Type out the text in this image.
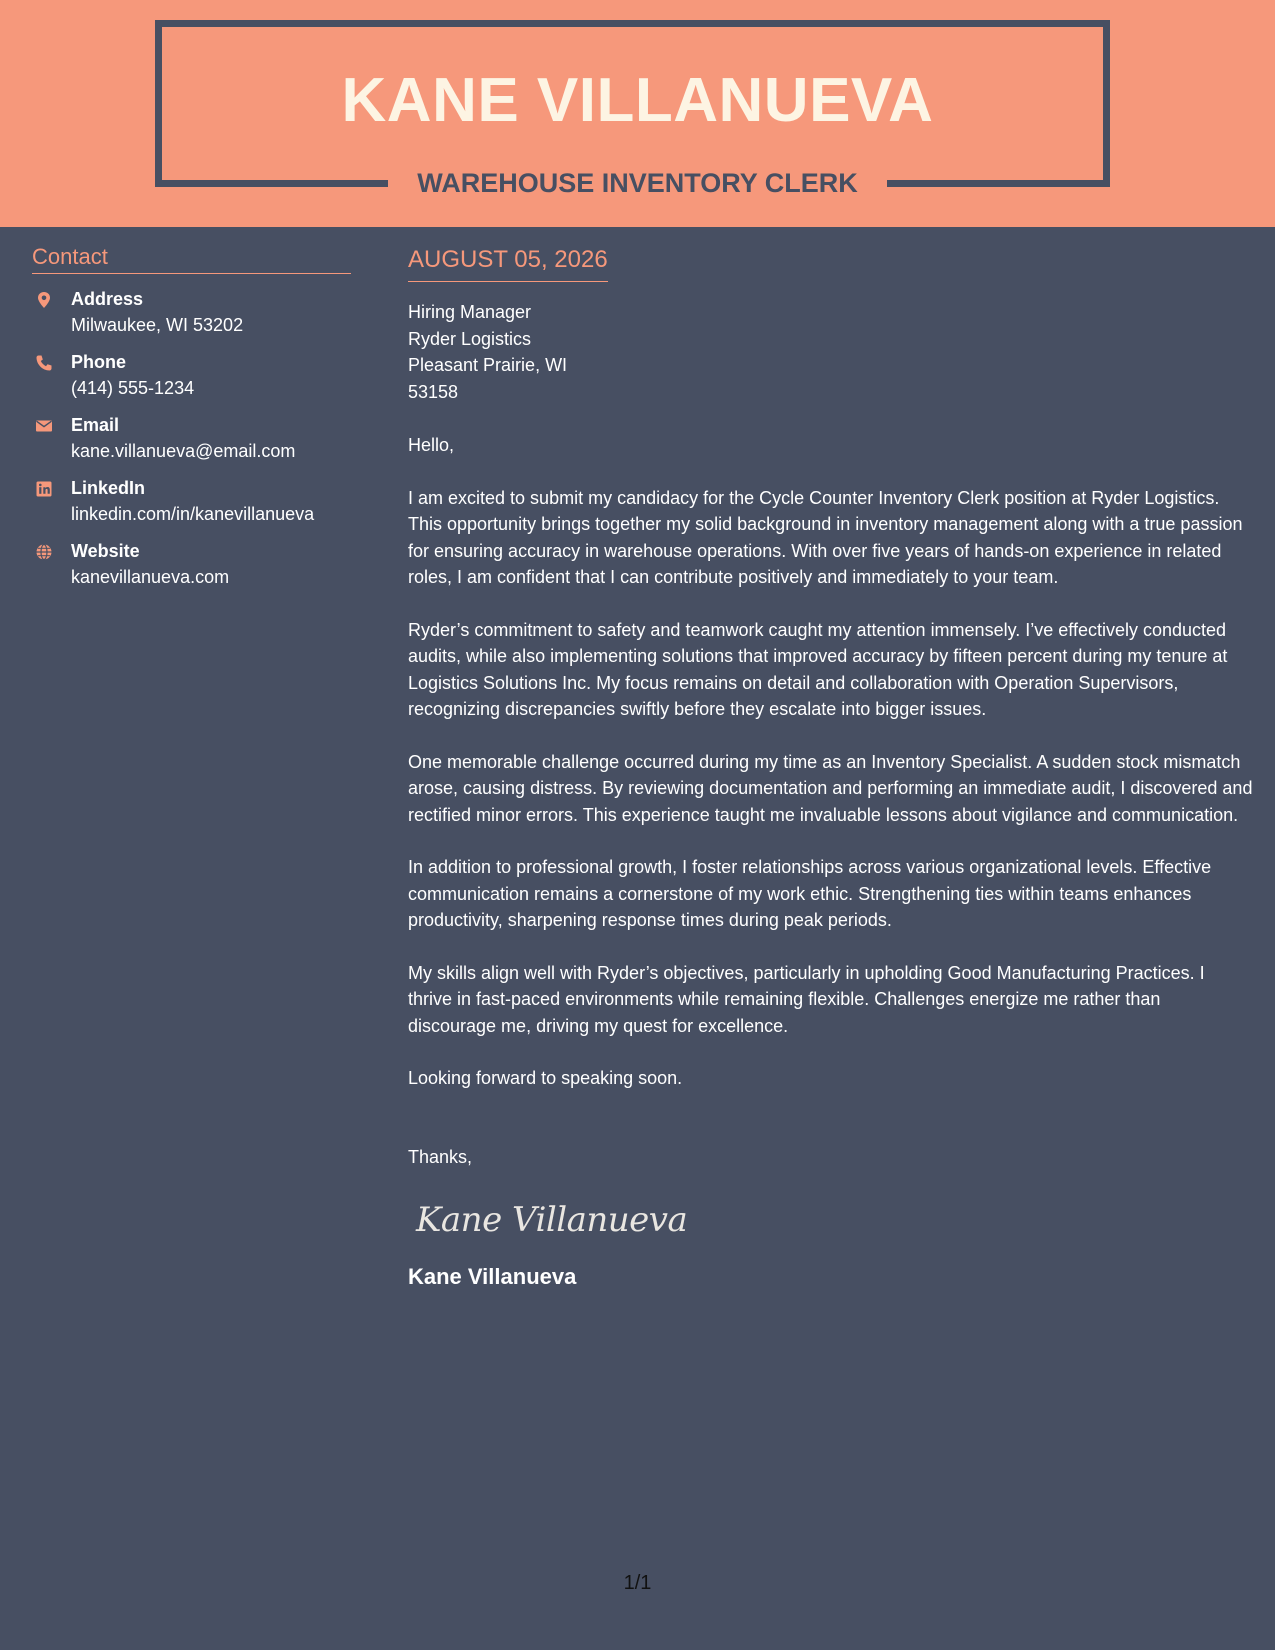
KANE VILLANUEVA
WAREHOUSE INVENTORY CLERK
Contact
Address
Milwaukee, WI 53202
Phone
(414) 555-1234
Email
kane.villanueva@email.com
LinkedIn
linkedin.com/in/kanevillanueva
Website
kanevillanueva.com
AUGUST 05, 2026
Hiring Manager
Ryder Logistics
Pleasant Prairie, WI
53158
Hello,
I am excited to submit my candidacy for the Cycle Counter Inventory Clerk position at Ryder Logistics. This opportunity brings together my solid background in inventory management along with a true passion for ensuring accuracy in warehouse operations. With over five years of hands-on experience in related roles, I am confident that I can contribute positively and immediately to your team.
Ryder’s commitment to safety and teamwork caught my attention immensely. I’ve effectively conducted audits, while also implementing solutions that improved accuracy by fifteen percent during my tenure at Logistics Solutions Inc. My focus remains on detail and collaboration with Operation Supervisors, recognizing discrepancies swiftly before they escalate into bigger issues.
One memorable challenge occurred during my time as an Inventory Specialist. A sudden stock mismatch arose, causing distress. By reviewing documentation and performing an immediate audit, I discovered and rectified minor errors. This experience taught me invaluable lessons about vigilance and communication.
In addition to professional growth, I foster relationships across various organizational levels. Effective communication remains a cornerstone of my work ethic. Strengthening ties within teams enhances productivity, sharpening response times during peak periods.
My skills align well with Ryder’s objectives, particularly in upholding Good Manufacturing Practices. I thrive in fast-paced environments while remaining flexible. Challenges energize me rather than discourage me, driving my quest for excellence.
Looking forward to speaking soon.
Thanks,
Kane Villanueva
Kane Villanueva
1/1
